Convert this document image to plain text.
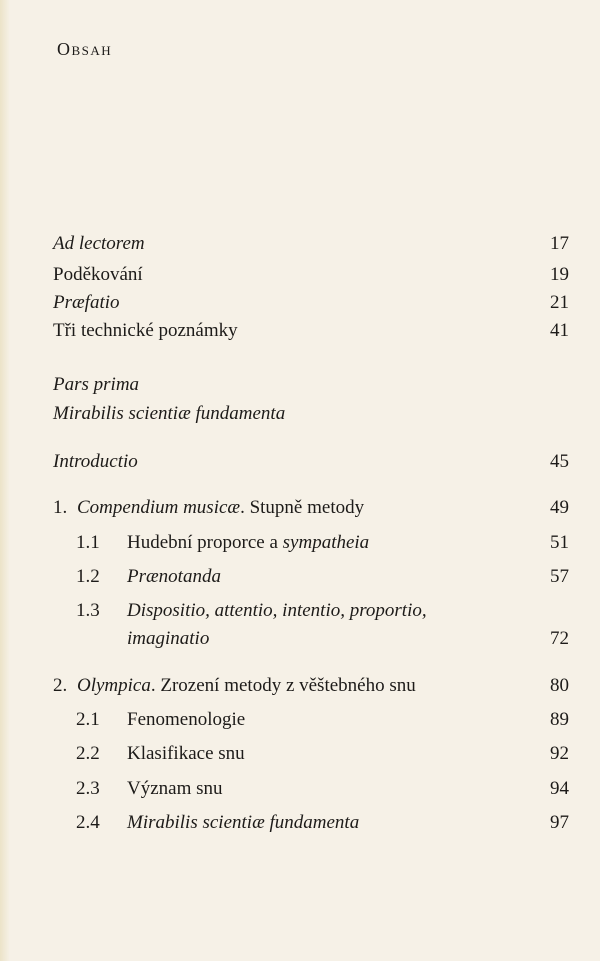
Obsah
Ad lectorem	17
Poděkování	19
Præfatio	21
Tři technické poznámky	41
Pars prima
Mirabilis scientiæ fundamenta
Introductio	45
1. Compendium musicæ. Stupně metody	49
1.1 Hudební proporce a sympatheia	51
1.2 Prænotanda	57
1.3 Dispositio, attentio, intentio, proportio,
imaginatio	72
2. Olympica. Zrození metody z věštebného snu	80
2.1 Fenomenologie	89
2.2 Klasifikace snu	92
2.3 Význam snu	94
2.4 Mirabilis scientiæ fundamenta	97
